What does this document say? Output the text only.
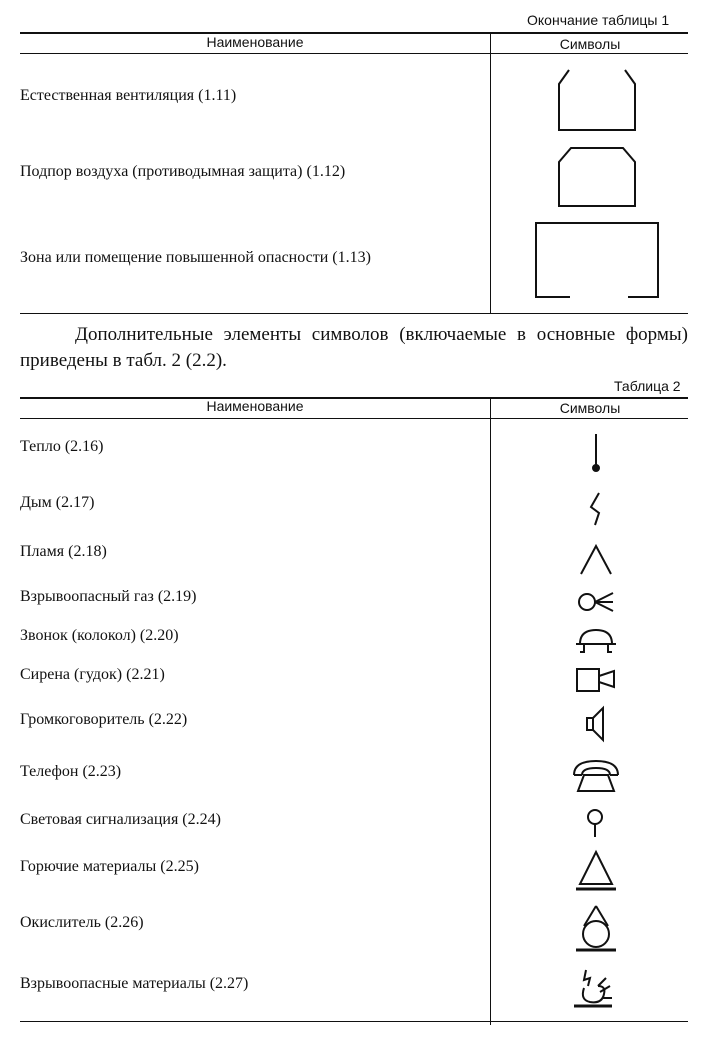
Окончание таблицы 1
Наименование	Символы
Естественная вентиляция (1.11)
Подпор воздуха (противодымная защита) (1.12)
Зона или помещение повышенной опасности (1.13)
Дополнительные элементы символов (включаемые в основные формы) приведены в табл. 2 (2.2).
Таблица 2
Наименование	Символы
Тепло (2.16)
Дым (2.17)
Пламя (2.18)
Взрывоопасный газ (2.19)
Звонок (колокол) (2.20)
Сирена (гудок) (2.21)
Громкоговоритель (2.22)
Телефон (2.23)
Световая сигнализация (2.24)
Горючие материалы (2.25)
Окислитель (2.26)
Взрывоопасные материалы (2.27)
